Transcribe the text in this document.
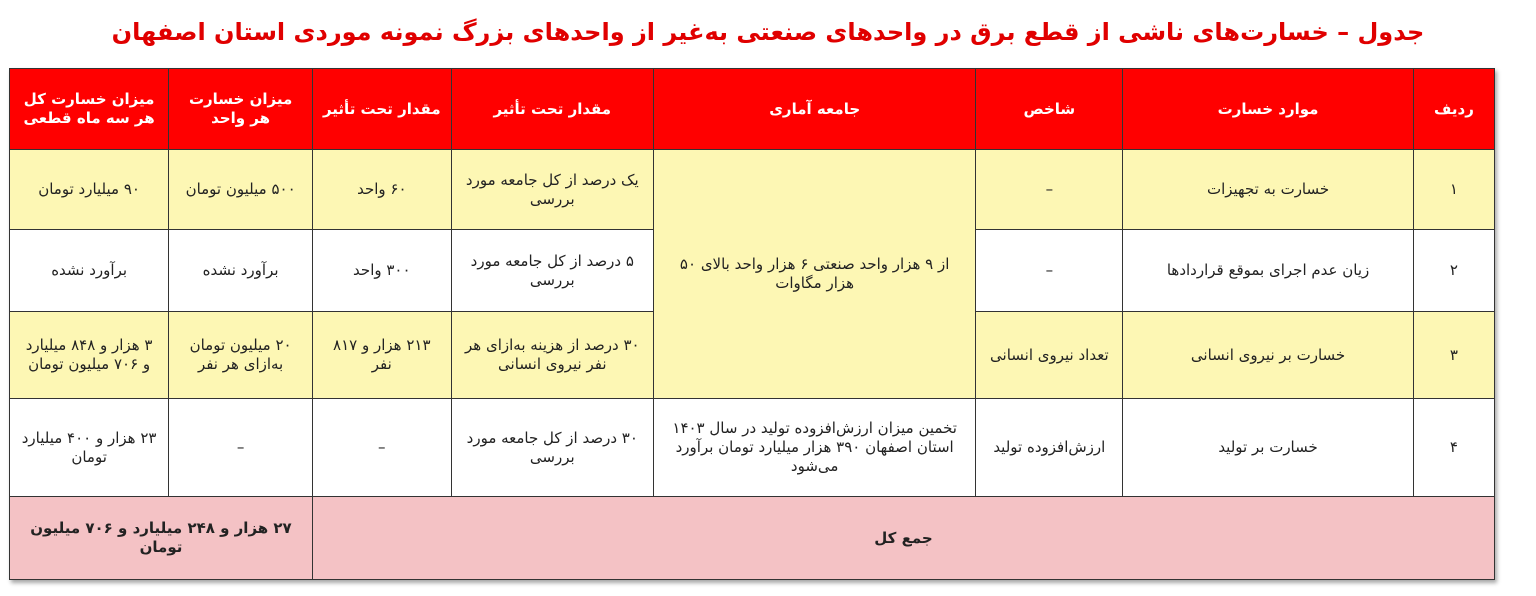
جدول – خسارت‌های ناشی از قطع برق در واحدهای صنعتی به‌غیر از واحدهای بزرگ نمونه موردی استان اصفهان
ردیف	موارد خسارت	شاخص	جامعه آماری	مقدار تحت تأثیر	مقدار تحت تأثیر	میزان خسارت هر واحد	میزان خسارت کل هر سه ماه قطعی
۱	خسارت به تجهیزات	–	از ۹ هزار واحد صنعتی ۶ هزار واحد بالای ۵۰ هزار مگاوات	یک درصد از کل جامعه مورد بررسی	۶۰ واحد	۵۰۰ میلیون تومان	۹۰ میلیارد تومان
۲	زیان عدم اجرای بموقع قراردادها	–		۵ درصد از کل جامعه مورد بررسی	۳۰۰ واحد	برآورد نشده	برآورد نشده
۳	خسارت بر نیروی انسانی	تعداد نیروی انسانی		۳۰ درصد از هزینه به‌ازای هر نفر نیروی انسانی	۲۱۳ هزار و ۸۱۷ نفر	۲۰ میلیون تومان به‌ازای هر نفر	۳ هزار و ۸۴۸ میلیارد و ۷۰۶ میلیون تومان
۴	خسارت بر تولید	ارزش‌افزوده تولید	تخمین میزان ارزش‌افزوده تولید در سال ۱۴۰۳ استان اصفهان ۳۹۰ هزار میلیارد تومان برآورد می‌شود	۳۰ درصد از کل جامعه مورد بررسی	–	–	۲۳ هزار و ۴۰۰ میلیارد تومان
جمع کل						۲۷ هزار و ۲۴۸ میلیارد و ۷۰۶ میلیون تومان	
